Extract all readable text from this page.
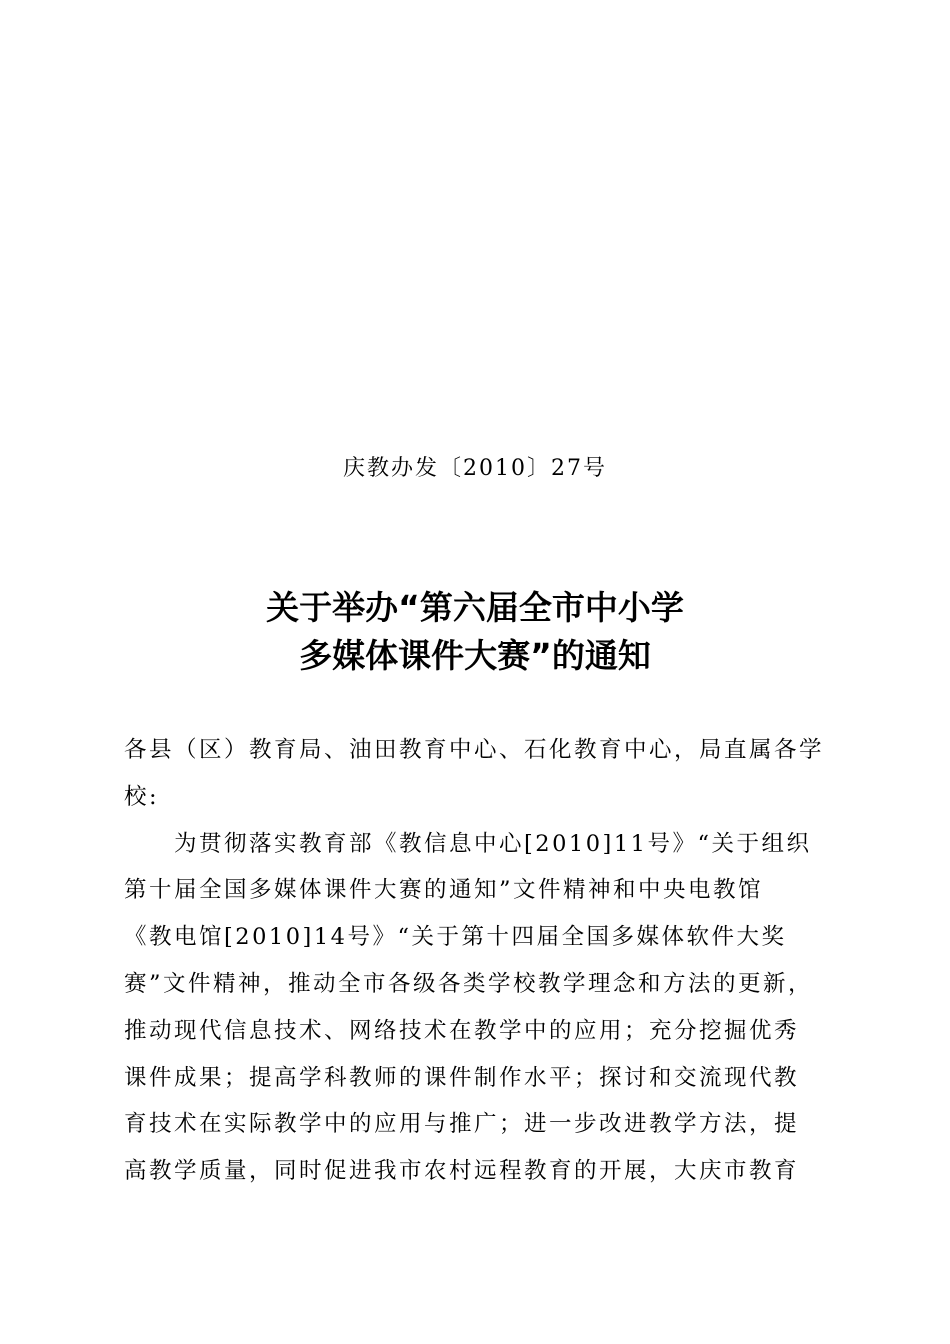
庆教办发〔2010〕27号
关于举办“第六届全市中小学
多媒体课件大赛”的通知
各县（区）教育局、油田教育中心、石化教育中心，局直属各学
校:
为贯彻落实教育部《教信息中心[2010]11号》“关于组织
第十届全国多媒体课件大赛的通知”文件精神和中央电教馆
《教电馆[2010]14号》“关于第十四届全国多媒体软件大奖
赛”文件精神，推动全市各级各类学校教学理念和方法的更新，
推动现代信息技术、网络技术在教学中的应用；充分挖掘优秀
课件成果；提高学科教师的课件制作水平；探讨和交流现代教
育技术在实际教学中的应用与推广；进一步改进教学方法，提
高教学质量，同时促进我市农村远程教育的开展，大庆市教育
